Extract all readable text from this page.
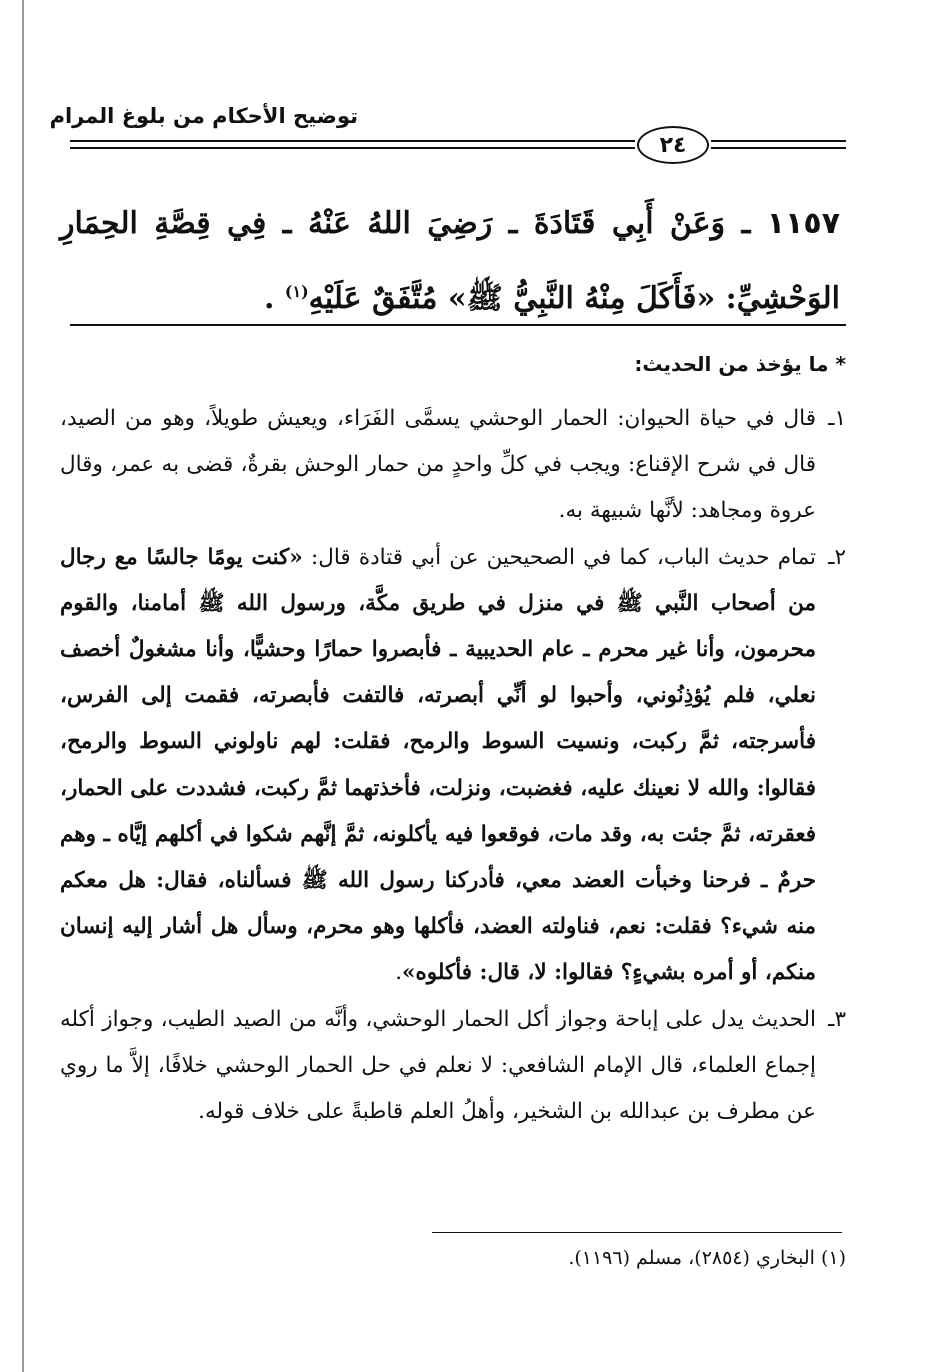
توضيح الأحكام من بلوغ المرام
٢٤
١١٥٧ ـ وَعَنْ أَبِي قَتَادَةَ ـ رَضِيَ اللهُ عَنْهُ ـ فِي قِصَّةِ الحِمَارِ الوَحْشِيِّ: «فَأَكَلَ مِنْهُ النَّبِيُّ ﷺ» مُتَّفَقٌ عَلَيْهِ$^{(١)}$ .
* ما يؤخذ من الحديث:
١ـ
قال في حياة الحيوان: الحمار الوحشي يسمَّى الفَرَاء، ويعيش طويلاً، وهو من الصيد، قال في شرح الإقناع: ويجب في كلِّ واحدٍ من حمار الوحش بقرةٌ، قضى به عمر، وقال عروة ومجاهد: لأنَّها شبيهة به.
٢ـ
تمام حديث الباب، كما في الصحيحين عن أبي قتادة قال: «كنت يومًا جالسًا مع رجال من أصحاب النَّبي ﷺ في منزل في طريق مكَّة، ورسول الله ﷺ أمامنا، والقوم محرمون، وأنا غير محرم ـ عام الحديبية ـ فأبصروا حمارًا وحشيًّا، وأنا مشغولٌ أخصف نعلي، فلم يُؤذِنُوني، وأحبوا لو أنِّي أبصرته، فالتفت فأبصرته، فقمت إلى الفرس، فأسرجته، ثمَّ ركبت، ونسيت السوط والرمح، فقلت: لهم ناولوني السوط والرمح، فقالوا: والله لا نعينك عليه، فغضبت، ونزلت، فأخذتهما ثمَّ ركبت، فشددت على الحمار، فعقرته، ثمَّ جئت به، وقد مات، فوقعوا فيه يأكلونه، ثمَّ إنَّهم شكوا في أكلهم إيَّاه ـ وهم حرمٌ ـ فرحنا وخبأت العضد معي، فأدركنا رسول الله ﷺ فسألناه، فقال: هل معكم منه شيء؟ فقلت: نعم، فناولته العضد، فأكلها وهو محرم، وسأل هل أشار إليه إنسان منكم، أو أمره بشيءٍ؟ فقالوا: لا، قال: فأكلوه».
٣ـ
الحديث يدل على إباحة وجواز أكل الحمار الوحشي، وأنَّه من الصيد الطيب، وجواز أكله إجماع العلماء، قال الإمام الشافعي: لا نعلم في حل الحمار الوحشي خلافًا، إلاَّ ما روي عن مطرف بن عبدالله بن الشخير، وأهلُ العلم قاطبةً على خلاف قوله.
(١) البخاري (٢٨٥٤)، مسلم (١١٩٦).
